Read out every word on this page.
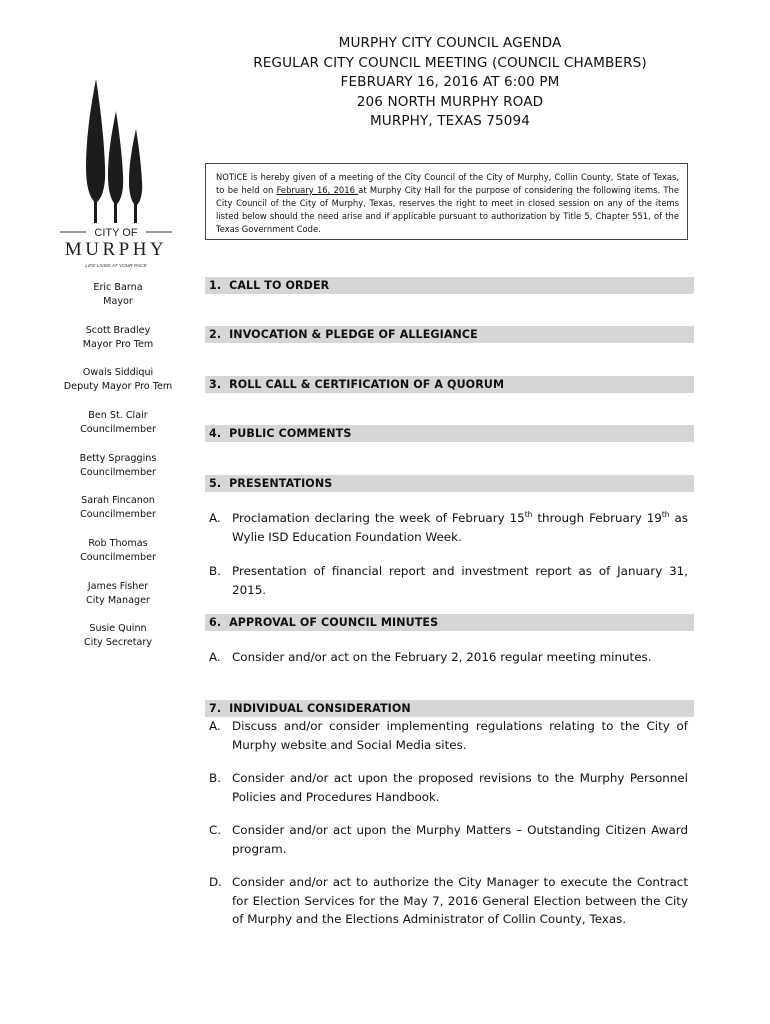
MURPHY CITY COUNCIL AGENDA
REGULAR CITY COUNCIL MEETING (COUNCIL CHAMBERS)
FEBRUARY 16, 2016 AT 6:00 PM
206 NORTH MURPHY ROAD
MURPHY, TEXAS 75094
CITY OF
MURPHY
LIFE LIVED AT YOUR PACE
NOTICE is hereby given of a meeting of the City Council of the City of Murphy, Collin County, State of Texas, to be held on February 16, 2016 at Murphy City Hall for the purpose of considering the following items. The City Council of the City of Murphy, Texas, reserves the right to meet in closed session on any of the items listed below should the need arise and if applicable pursuant to authorization by Title 5, Chapter 551, of the Texas Government Code.
Eric Barna
Mayor
Scott Bradley
Mayor Pro Tem
Owais Siddiqui
Deputy Mayor Pro Tem
Ben St. Clair
Councilmember
Betty Spraggins
Councilmember
Sarah Fincanon
Councilmember
Rob Thomas
Councilmember
James Fisher
City Manager
Susie Quinn
City Secretary
1. CALL TO ORDER
2. INVOCATION & PLEDGE OF ALLEGIANCE
3. ROLL CALL & CERTIFICATION OF A QUORUM
4. PUBLIC COMMENTS
5. PRESENTATIONS
6. APPROVAL OF COUNCIL MINUTES
7. INDIVIDUAL CONSIDERATION
A. Proclamation declaring the week of February 15th through February 19th as Wylie ISD Education Foundation Week.
B. Presentation of financial report and investment report as of January 31, 2015.
A. Consider and/or act on the February 2, 2016 regular meeting minutes.
A. Discuss and/or consider implementing regulations relating to the City of Murphy website and Social Media sites.
B. Consider and/or act upon the proposed revisions to the Murphy Personnel Policies and Procedures Handbook.
C. Consider and/or act upon the Murphy Matters – Outstanding Citizen Award program.
D. Consider and/or act to authorize the City Manager to execute the Contract for Election Services for the May 7, 2016 General Election between the City of Murphy and the Elections Administrator of Collin County, Texas.
